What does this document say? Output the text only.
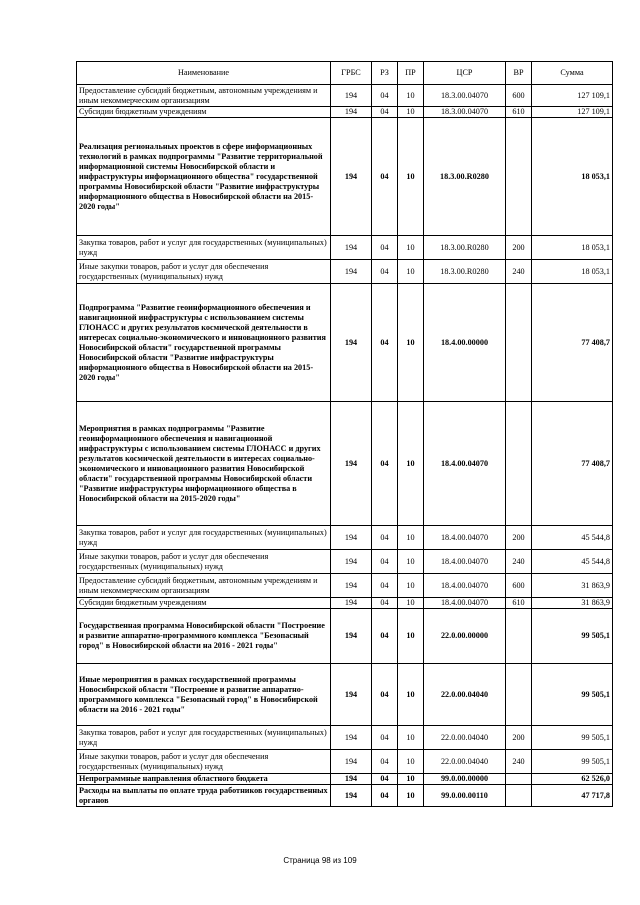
Наименование	ГРБС	РЗ	ПР	ЦСР	ВР	Сумма
Предоставление субсидий бюджетным, автономным учреждениям и иным некоммерческим организациям	194	04	10	18.3.00.04070	600	127 109,1
Субсидии бюджетным учреждениям	194	04	10	18.3.00.04070	610	127 109,1
Реализация региональных проектов в сфере информационных технологий в рамках подпрограммы "Развитие территориальной информационной системы Новосибирской области и инфраструктуры информационного общества" государственной программы Новосибирской области "Развитие инфраструктуры информационного общества в Новосибирской области на 2015-2020 годы"	194	04	10	18.3.00.R0280		18 053,1
Закупка товаров, работ и услуг для государственных (муниципальных) нужд	194	04	10	18.3.00.R0280	200	18 053,1
Иные закупки товаров, работ и услуг для обеспечения государственных (муниципальных) нужд	194	04	10	18.3.00.R0280	240	18 053,1
Подпрограмма "Развитие геоинформационного обеспечения и навигационной инфраструктуры с использованием системы ГЛОНАСС и других результатов космической деятельности в интересах социально-экономического и инновационного развития Новосибирской области" государственной программы Новосибирской области "Развитие инфраструктуры информационного общества в Новосибирской области на 2015-2020 годы"	194	04	10	18.4.00.00000		77 408,7
Мероприятия в рамках подпрограммы "Развитие геоинформационного обеспечения и навигационной инфраструктуры с использованием системы ГЛОНАСС и других результатов космической деятельности в интересах социально-экономического и инновационного развития Новосибирской области" государственной программы Новосибирской области "Развитие инфраструктуры информационного общества в Новосибирской области на 2015-2020 годы"	194	04	10	18.4.00.04070		77 408,7
Закупка товаров, работ и услуг для государственных (муниципальных) нужд	194	04	10	18.4.00.04070	200	45 544,8
Иные закупки товаров, работ и услуг для обеспечения государственных (муниципальных) нужд	194	04	10	18.4.00.04070	240	45 544,8
Предоставление субсидий бюджетным, автономным учреждениям и иным некоммерческим организациям	194	04	10	18.4.00.04070	600	31 863,9
Субсидии бюджетным учреждениям	194	04	10	18.4.00.04070	610	31 863,9
Государственная программа Новосибирской области "Построение и развитие аппаратно-программного комплекса "Безопасный город" в Новосибирской области на 2016 - 2021 годы"	194	04	10	22.0.00.00000		99 505,1
Иные мероприятия в рамках государственной программы Новосибирской области "Построение и развитие аппаратно-программного комплекса "Безопасный город" в Новосибирской области на 2016 - 2021 годы"	194	04	10	22.0.00.04040		99 505,1
Закупка товаров, работ и услуг для государственных (муниципальных) нужд	194	04	10	22.0.00.04040	200	99 505,1
Иные закупки товаров, работ и услуг для обеспечения государственных (муниципальных) нужд	194	04	10	22.0.00.04040	240	99 505,1
Непрограммные направления областного бюджета	194	04	10	99.0.00.00000		62 526,0
Расходы на выплаты по оплате труда работников государственных органов	194	04	10	99.0.00.00110		47 717,8
Страница 98 из 109
